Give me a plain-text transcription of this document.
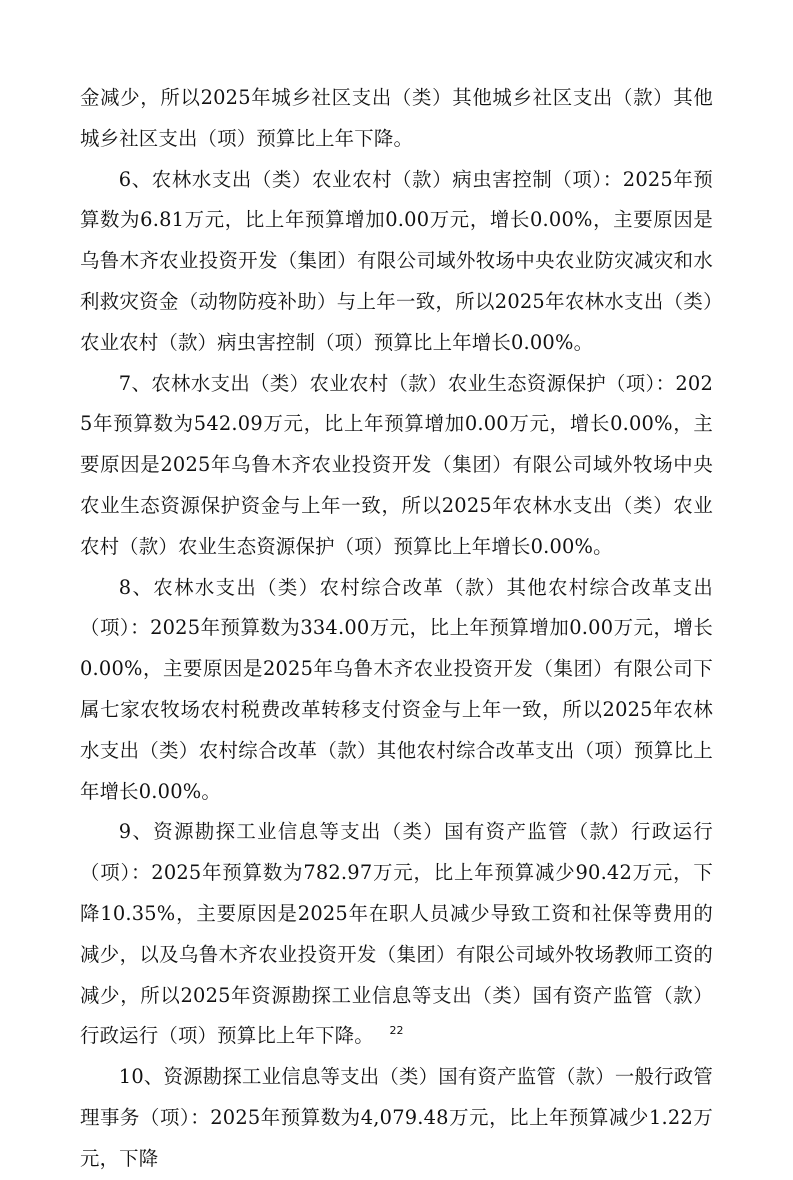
金减少，所以2025年城乡社区支出（类）其他城乡社区支出（款）其他城乡社区支出（项）预算比上年下降。

6、农林水支出（类）农业农村（款）病虫害控制（项）：2025年预算数为6.81万元，比上年预算增加0.00万元，增长0.00%，主要原因是乌鲁木齐农业投资开发（集团）有限公司域外牧场中央农业防灾减灾和水利救灾资金（动物防疫补助）与上年一致，所以2025年农林水支出（类）农业农村（款）病虫害控制（项）预算比上年增长0.00%。

7、农林水支出（类）农业农村（款）农业生态资源保护（项）：2025年预算数为542.09万元，比上年预算增加0.00万元，增长0.00%，主要原因是2025年乌鲁木齐农业投资开发（集团）有限公司域外牧场中央农业生态资源保护资金与上年一致，所以2025年农林水支出（类）农业农村（款）农业生态资源保护（项）预算比上年增长0.00%。

8、农林水支出（类）农村综合改革（款）其他农村综合改革支出（项）：2025年预算数为334.00万元，比上年预算增加0.00万元，增长0.00%，主要原因是2025年乌鲁木齐农业投资开发（集团）有限公司下属七家农牧场农村税费改革转移支付资金与上年一致，所以2025年农林水支出（类）农村综合改革（款）其他农村综合改革支出（项）预算比上年增长0.00%。

9、资源勘探工业信息等支出（类）国有资产监管（款）行政运行（项）：2025年预算数为782.97万元，比上年预算减少90.42万元，下降10.35%，主要原因是2025年在职人员减少导致工资和社保等费用的减少，以及乌鲁木齐农业投资开发（集团）有限公司域外牧场教师工资的减少，所以2025年资源勘探工业信息等支出（类）国有资产监管（款）行政运行（项）预算比上年下降。

10、资源勘探工业信息等支出（类）国有资产监管（款）一般行政管理事务（项）：2025年预算数为4,079.48万元，比上年预算减少1.22万元，下降

22
